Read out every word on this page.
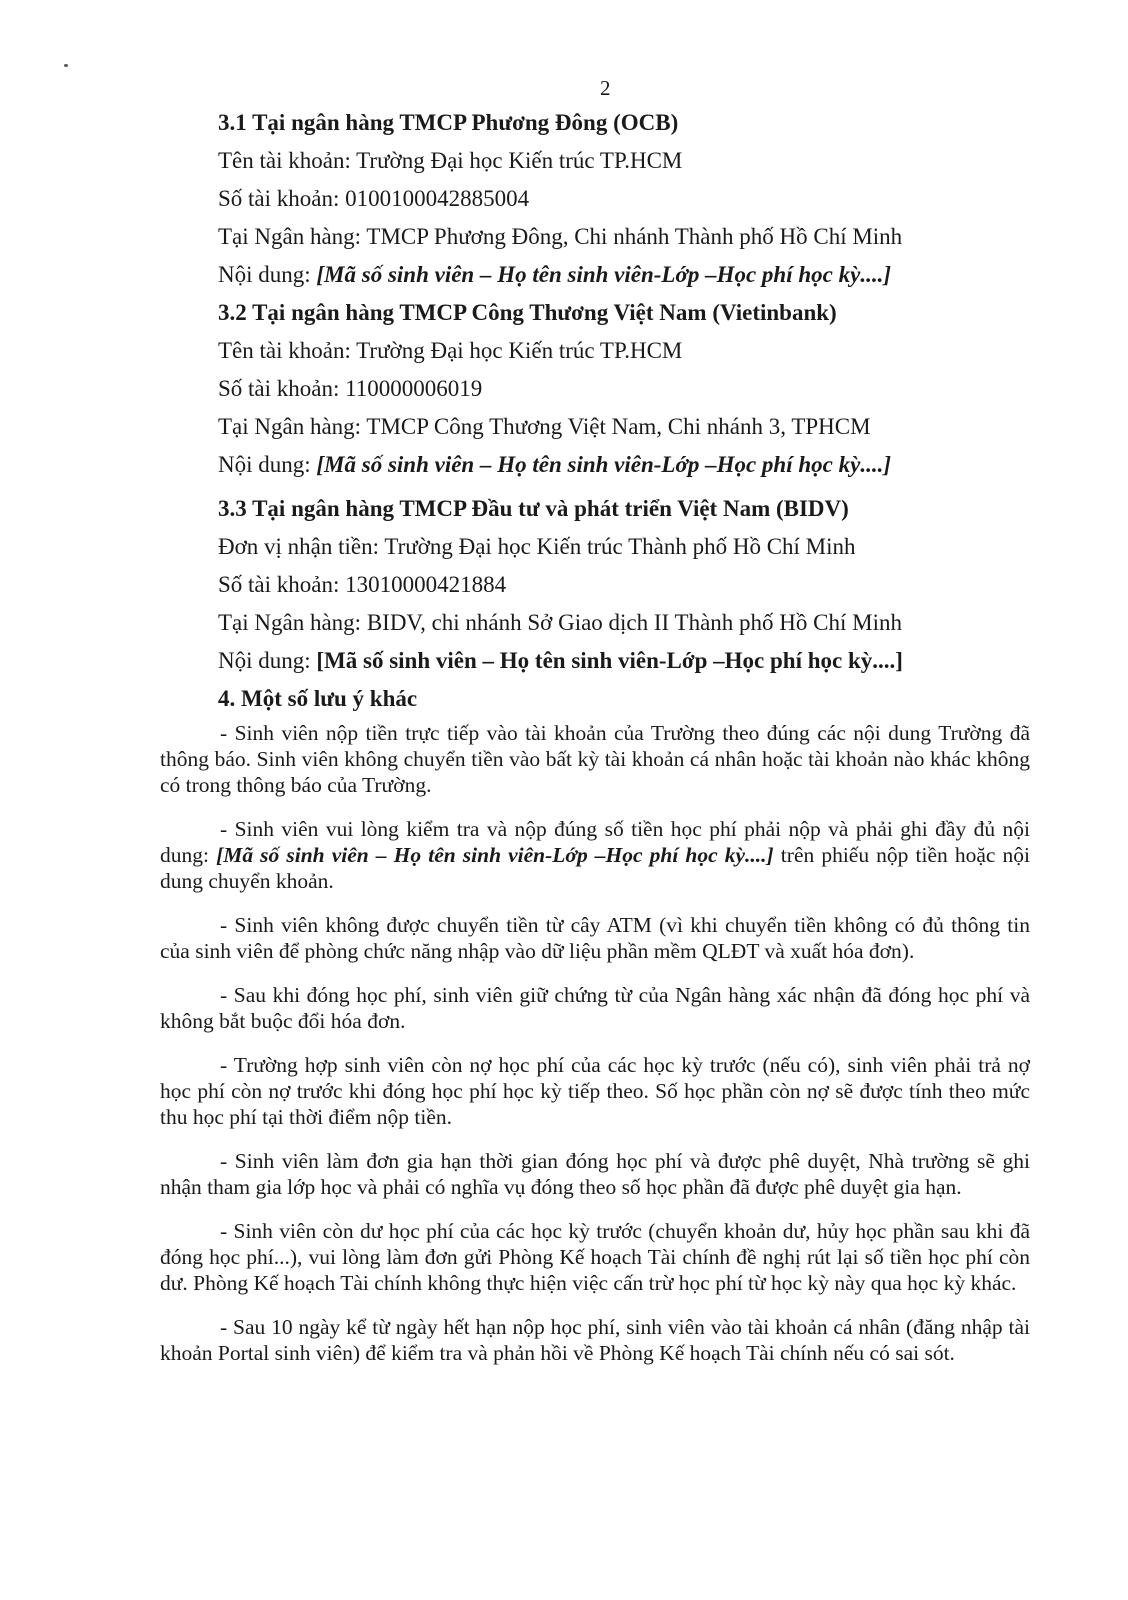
2
3.1 Tại ngân hàng TMCP Phương Đông (OCB)
Tên tài khoản: Trường Đại học Kiến trúc TP.HCM
Số tài khoản: 0100100042885004
Tại Ngân hàng: TMCP Phương Đông, Chi nhánh Thành phố Hồ Chí Minh
Nội dung: [Mã số sinh viên – Họ tên sinh viên-Lớp –Học phí học kỳ....]
3.2 Tại ngân hàng TMCP Công Thương Việt Nam (Vietinbank)
Tên tài khoản: Trường Đại học Kiến trúc TP.HCM
Số tài khoản: 110000006019
Tại Ngân hàng: TMCP Công Thương Việt Nam, Chi nhánh 3, TPHCM
Nội dung: [Mã số sinh viên – Họ tên sinh viên-Lớp –Học phí học kỳ....]
3.3 Tại ngân hàng TMCP Đầu tư và phát triển Việt Nam (BIDV)
Đơn vị nhận tiền: Trường Đại học Kiến trúc Thành phố Hồ Chí Minh
Số tài khoản: 13010000421884
Tại Ngân hàng: BIDV, chi nhánh Sở Giao dịch II Thành phố Hồ Chí Minh
Nội dung: [Mã số sinh viên – Họ tên sinh viên-Lớp –Học phí học kỳ....]
4. Một số lưu ý khác

- Sinh viên nộp tiền trực tiếp vào tài khoản của Trường theo đúng các nội dung Trường đã thông báo. Sinh viên không chuyển tiền vào bất kỳ tài khoản cá nhân hoặc tài khoản nào khác không có trong thông báo của Trường.

- Sinh viên vui lòng kiểm tra và nộp đúng số tiền học phí phải nộp và phải ghi đầy đủ nội dung: [Mã số sinh viên – Họ tên sinh viên-Lớp –Học phí học kỳ....] trên phiếu nộp tiền hoặc nội dung chuyển khoản.

- Sinh viên không được chuyển tiền từ cây ATM (vì khi chuyển tiền không có đủ thông tin của sinh viên để phòng chức năng nhập vào dữ liệu phần mềm QLĐT và xuất hóa đơn).

- Sau khi đóng học phí, sinh viên giữ chứng từ của Ngân hàng xác nhận đã đóng học phí và không bắt buộc đổi hóa đơn.

- Trường hợp sinh viên còn nợ học phí của các học kỳ trước (nếu có), sinh viên phải trả nợ học phí còn nợ trước khi đóng học phí học kỳ tiếp theo. Số học phần còn nợ sẽ được tính theo mức thu học phí tại thời điểm nộp tiền.

- Sinh viên làm đơn gia hạn thời gian đóng học phí và được phê duyệt, Nhà trường sẽ ghi nhận tham gia lớp học và phải có nghĩa vụ đóng theo số học phần đã được phê duyệt gia hạn.

- Sinh viên còn dư học phí của các học kỳ trước (chuyển khoản dư, hủy học phần sau khi đã đóng học phí...), vui lòng làm đơn gửi Phòng Kế hoạch Tài chính đề nghị rút lại số tiền học phí còn dư. Phòng Kế hoạch Tài chính không thực hiện việc cấn trừ học phí từ học kỳ này qua học kỳ khác.

- Sau 10 ngày kể từ ngày hết hạn nộp học phí, sinh viên vào tài khoản cá nhân (đăng nhập tài khoản Portal sinh viên) để kiểm tra và phản hồi về Phòng Kế hoạch Tài chính nếu có sai sót.
